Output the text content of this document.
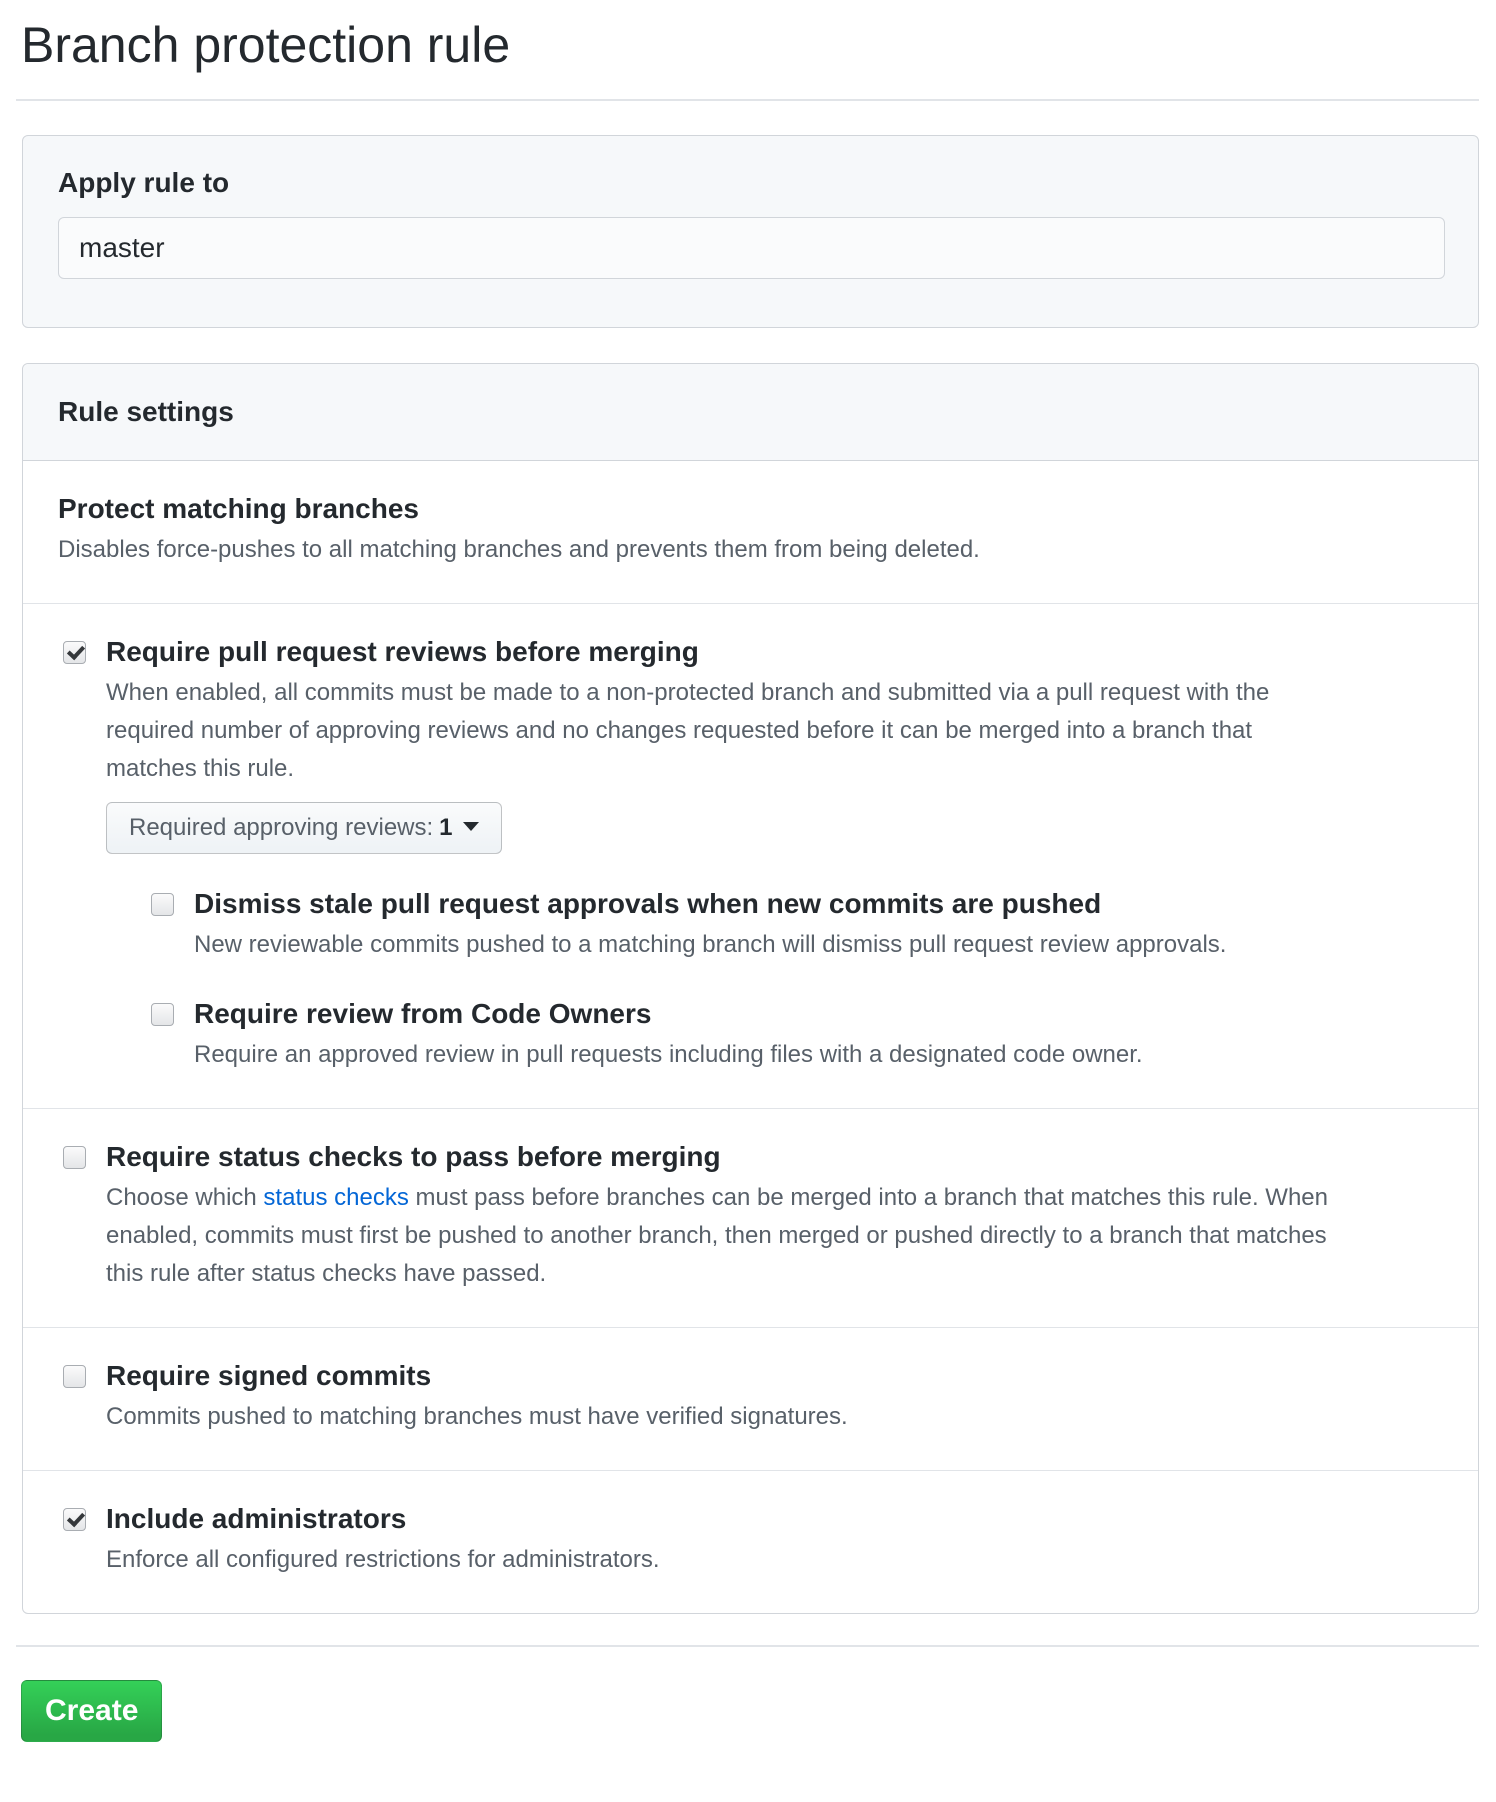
Branch protection rule
Apply rule to
master
Rule settings
Protect matching branches

Disables force-pushes to all matching branches and prevents them from being deleted.

Require pull request reviews before merging
When enabled, all commits must be made to a non-protected branch and submitted via a pull request with the
required number of approving reviews and no changes requested before it can be merged into a branch that
matches this rule.
Required approving reviews: 1
Dismiss stale pull request approvals when new commits are pushed

New reviewable commits pushed to a matching branch will dismiss pull request review approvals.

Require review from Code Owners

Require an approved review in pull requests including files with a designated code owner.

Require status checks to pass before merging
Choose which status checks must pass before branches can be merged into a branch that matches this rule. When
enabled, commits must first be pushed to another branch, then merged or pushed directly to a branch that matches
this rule after status checks have passed.
Require signed commits

Commits pushed to matching branches must have verified signatures.

Include administrators

Enforce all configured restrictions for administrators.

Create
